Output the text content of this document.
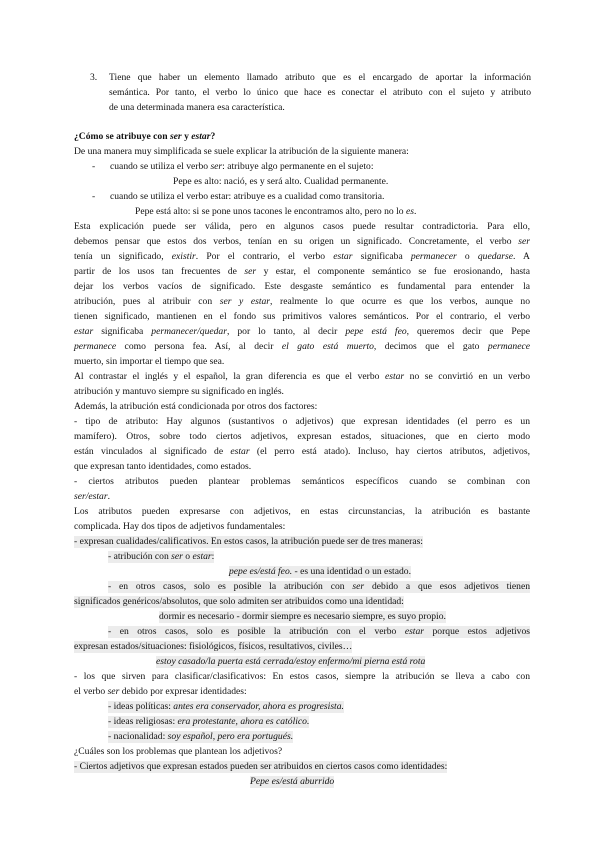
3. Tiene que haber un elemento llamado atributo que es el encargado de aportar la información
semántica. Por tanto, el verbo lo único que hace es conectar el atributo con el sujeto y atributo
de una determinada manera esa característica.
¿Cómo se atribuye con ser y estar?
De una manera muy simplificada se suele explicar la atribución de la siguiente manera:
- cuando se utiliza el verbo ser: atribuye algo permanente en el sujeto:
Pepe es alto: nació, es y será alto. Cualidad permanente.
- cuando se utiliza el verbo estar: atribuye es a cualidad como transitoria.
Pepe está alto: si se pone unos tacones le encontramos alto, pero no lo es.
Esta explicación puede ser válida, pero en algunos casos puede resultar contradictoria. Para ello,
debemos pensar que estos dos verbos, tenían en su origen un significado. Concretamente, el verbo ser
tenía un significado, existir. Por el contrario, el verbo estar significaba permanecer o quedarse. A
partir de los usos tan frecuentes de ser y estar, el componente semántico se fue erosionando, hasta
dejar los verbos vacíos de significado. Este desgaste semántico es fundamental para entender la
atribución, pues al atribuir con ser y estar, realmente lo que ocurre es que los verbos, aunque no
tienen significado, mantienen en el fondo sus primitivos valores semánticos. Por el contrario, el verbo
estar significaba permanecer/quedar, por lo tanto, al decir pepe está feo, queremos decir que Pepe
permanece como persona fea. Así, al decir el gato está muerto, decimos que el gato permanece
muerto, sin importar el tiempo que sea.
Al contrastar el inglés y el español, la gran diferencia es que el verbo estar no se convirtió en un verbo
atribución y mantuvo siempre su significado en inglés.
Además, la atribución está condicionada por otros dos factores:
- tipo de atributo: Hay algunos (sustantivos o adjetivos) que expresan identidades (el perro es un
mamífero). Otros, sobre todo ciertos adjetivos, expresan estados, situaciones, que en cierto modo
están vinculados al significado de estar (el perro está atado). Incluso, hay ciertos atributos, adjetivos,
que expresan tanto identidades, como estados.
- ciertos atributos pueden plantear problemas semánticos específicos cuando se combinan con
ser/estar.
Los atributos pueden expresarse con adjetivos, en estas circunstancias, la atribución es bastante
complicada. Hay dos tipos de adjetivos fundamentales:
- expresan cualidades/calificativos. En estos casos, la atribución puede ser de tres maneras:
- atribución con ser o estar:
pepe es/está feo. - es una identidad o un estado.
- en otros casos, solo es posible la atribución con ser debido a que esos adjetivos tienen
significados genéricos/absolutos, que solo admiten ser atribuidos como una identidad:
dormir es necesario - dormir siempre es necesario siempre, es suyo propio.
- en otros casos, solo es posible la atribución con el verbo estar porque estos adjetivos
expresan estados/situaciones: fisiológicos, físicos, resultativos, civiles…
estoy casado/la puerta está cerrada/estoy enfermo/mi pierna está rota
- los que sirven para clasificar/clasificativos: En estos casos, siempre la atribución se lleva a cabo con
el verbo ser debido por expresar identidades:
- ideas políticas: antes era conservador, ahora es progresista.
- ideas religiosas: era protestante, ahora es católico.
- nacionalidad: soy español, pero era portugués.
¿Cuáles son los problemas que plantean los adjetivos?
- Ciertos adjetivos que expresan estados pueden ser atribuidos en ciertos casos como identidades:
Pepe es/está aburrido
